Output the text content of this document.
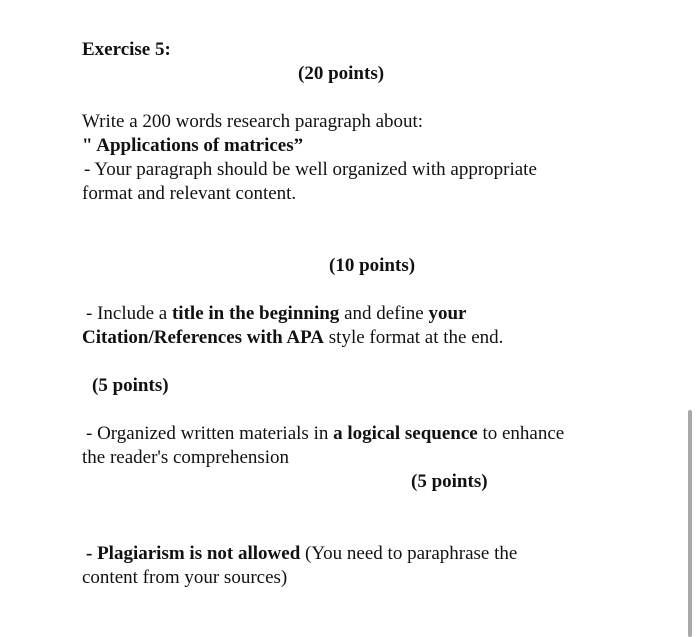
Exercise 5:
(20 points)
Write a 200 words research paragraph about:
" Applications of matrices”
- Your paragraph should be well organized with appropriate
format and relevant content.
(10 points)
- Include a title in the beginning and define your
Citation/References with APA style format at the end.
(5 points)
- Organized written materials in a logical sequence to enhance
the reader's comprehension
(5 points)
- Plagiarism is not allowed (You need to paraphrase the
content from your sources)
